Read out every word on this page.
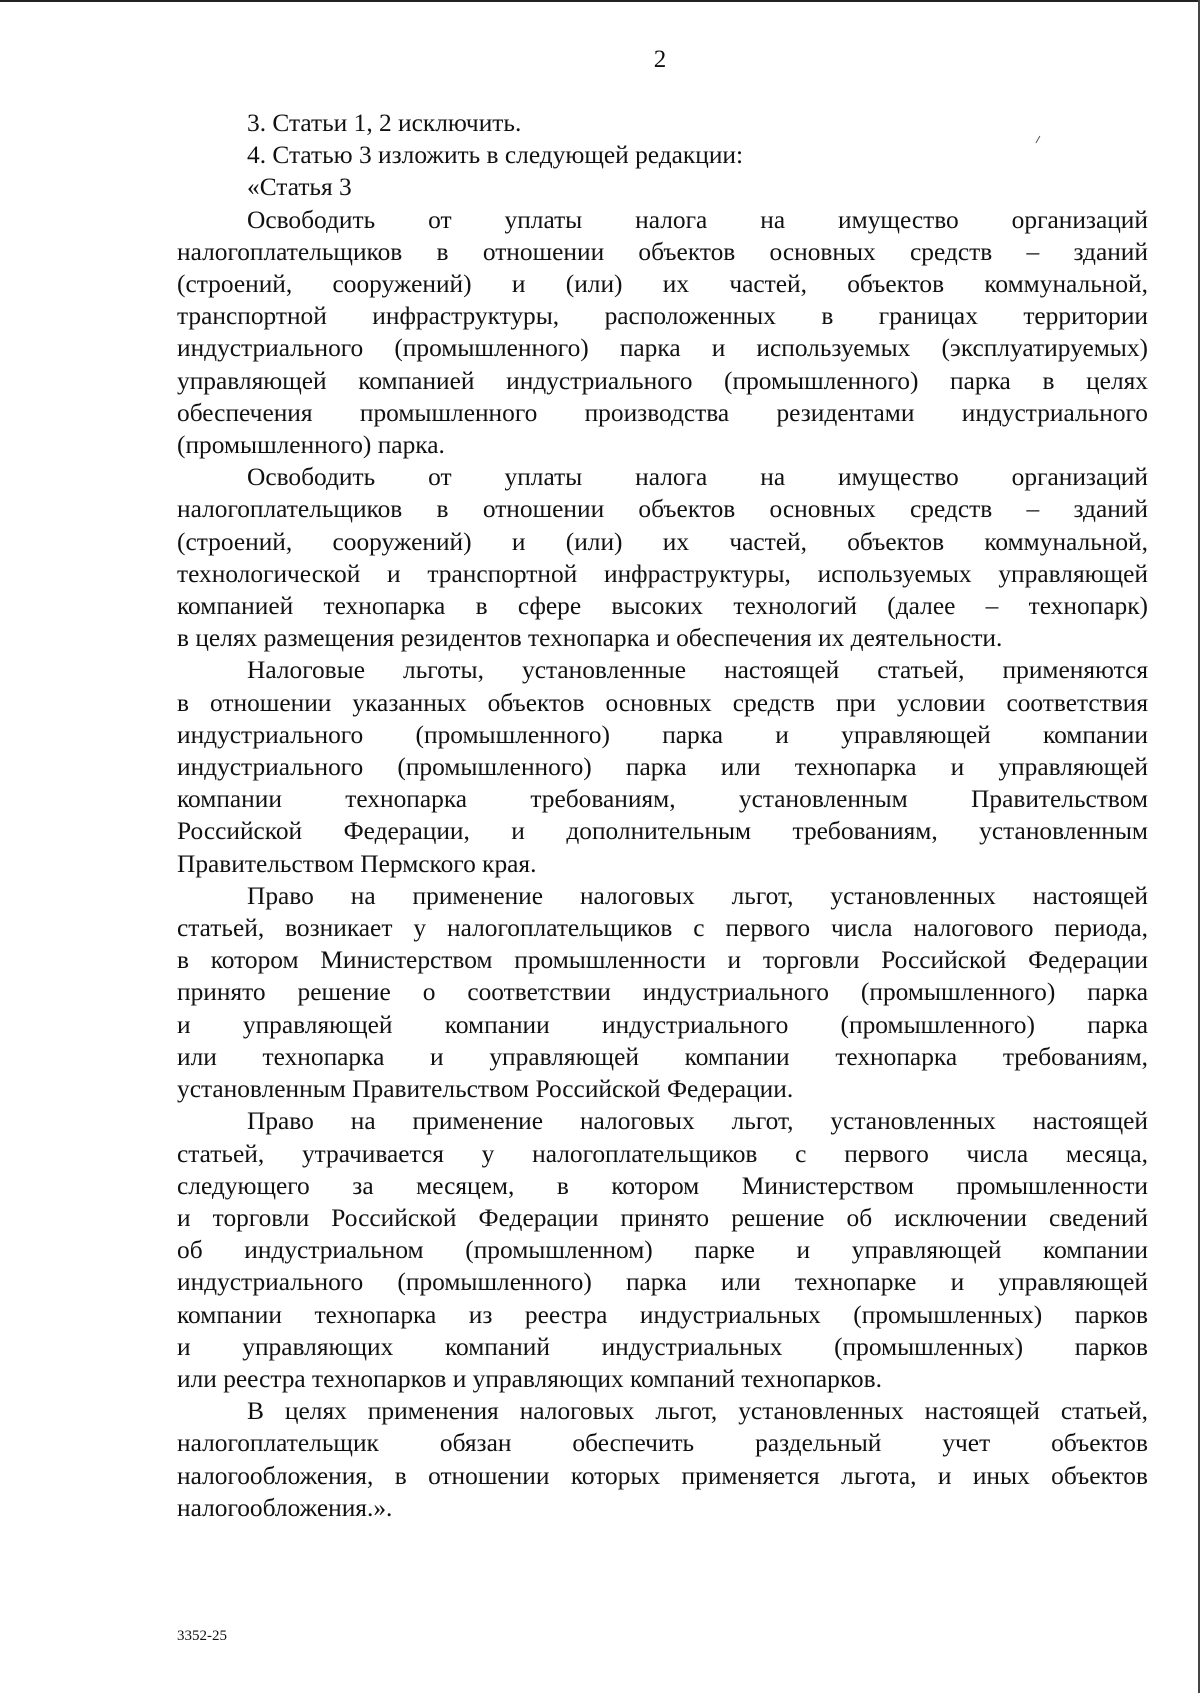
2
3. Статьи 1, 2 исключить.
4. Статью 3 изложить в следующей редакции:
«Статья 3
Освободить от уплаты налога на имущество организаций
налогоплательщиков в отношении объектов основных средств – зданий
(строений, сооружений) и (или) их частей, объектов коммунальной,
транспортной инфраструктуры, расположенных в границах территории
индустриального (промышленного) парка и используемых (эксплуатируемых)
управляющей компанией индустриального (промышленного) парка в целях
обеспечения промышленного производства резидентами индустриального
(промышленного) парка.
Освободить от уплаты налога на имущество организаций
налогоплательщиков в отношении объектов основных средств – зданий
(строений, сооружений) и (или) их частей, объектов коммунальной,
технологической и транспортной инфраструктуры, используемых управляющей
компанией технопарка в сфере высоких технологий (далее – технопарк)
в целях размещения резидентов технопарка и обеспечения их деятельности.
Налоговые льготы, установленные настоящей статьей, применяются
в отношении указанных объектов основных средств при условии соответствия
индустриального (промышленного) парка и управляющей компании
индустриального (промышленного) парка или технопарка и управляющей
компании технопарка требованиям, установленным Правительством
Российской Федерации, и дополнительным требованиям, установленным
Правительством Пермского края.
Право на применение налоговых льгот, установленных настоящей
статьей, возникает у налогоплательщиков с первого числа налогового периода,
в котором Министерством промышленности и торговли Российской Федерации
принято решение о соответствии индустриального (промышленного) парка
и управляющей компании индустриального (промышленного) парка
или технопарка и управляющей компании технопарка требованиям,
установленным Правительством Российской Федерации.
Право на применение налоговых льгот, установленных настоящей
статьей, утрачивается у налогоплательщиков с первого числа месяца,
следующего за месяцем, в котором Министерством промышленности
и торговли Российской Федерации принято решение об исключении сведений
об индустриальном (промышленном) парке и управляющей компании
индустриального (промышленного) парка или технопарке и управляющей
компании технопарка из реестра индустриальных (промышленных) парков
и управляющих компаний индустриальных (промышленных) парков
или реестра технопарков и управляющих компаний технопарков.
В целях применения налоговых льгот, установленных настоящей статьей,
налогоплательщик обязан обеспечить раздельный учет объектов
налогообложения, в отношении которых применяется льгота, и иных объектов
налогообложения.».
3352-25
